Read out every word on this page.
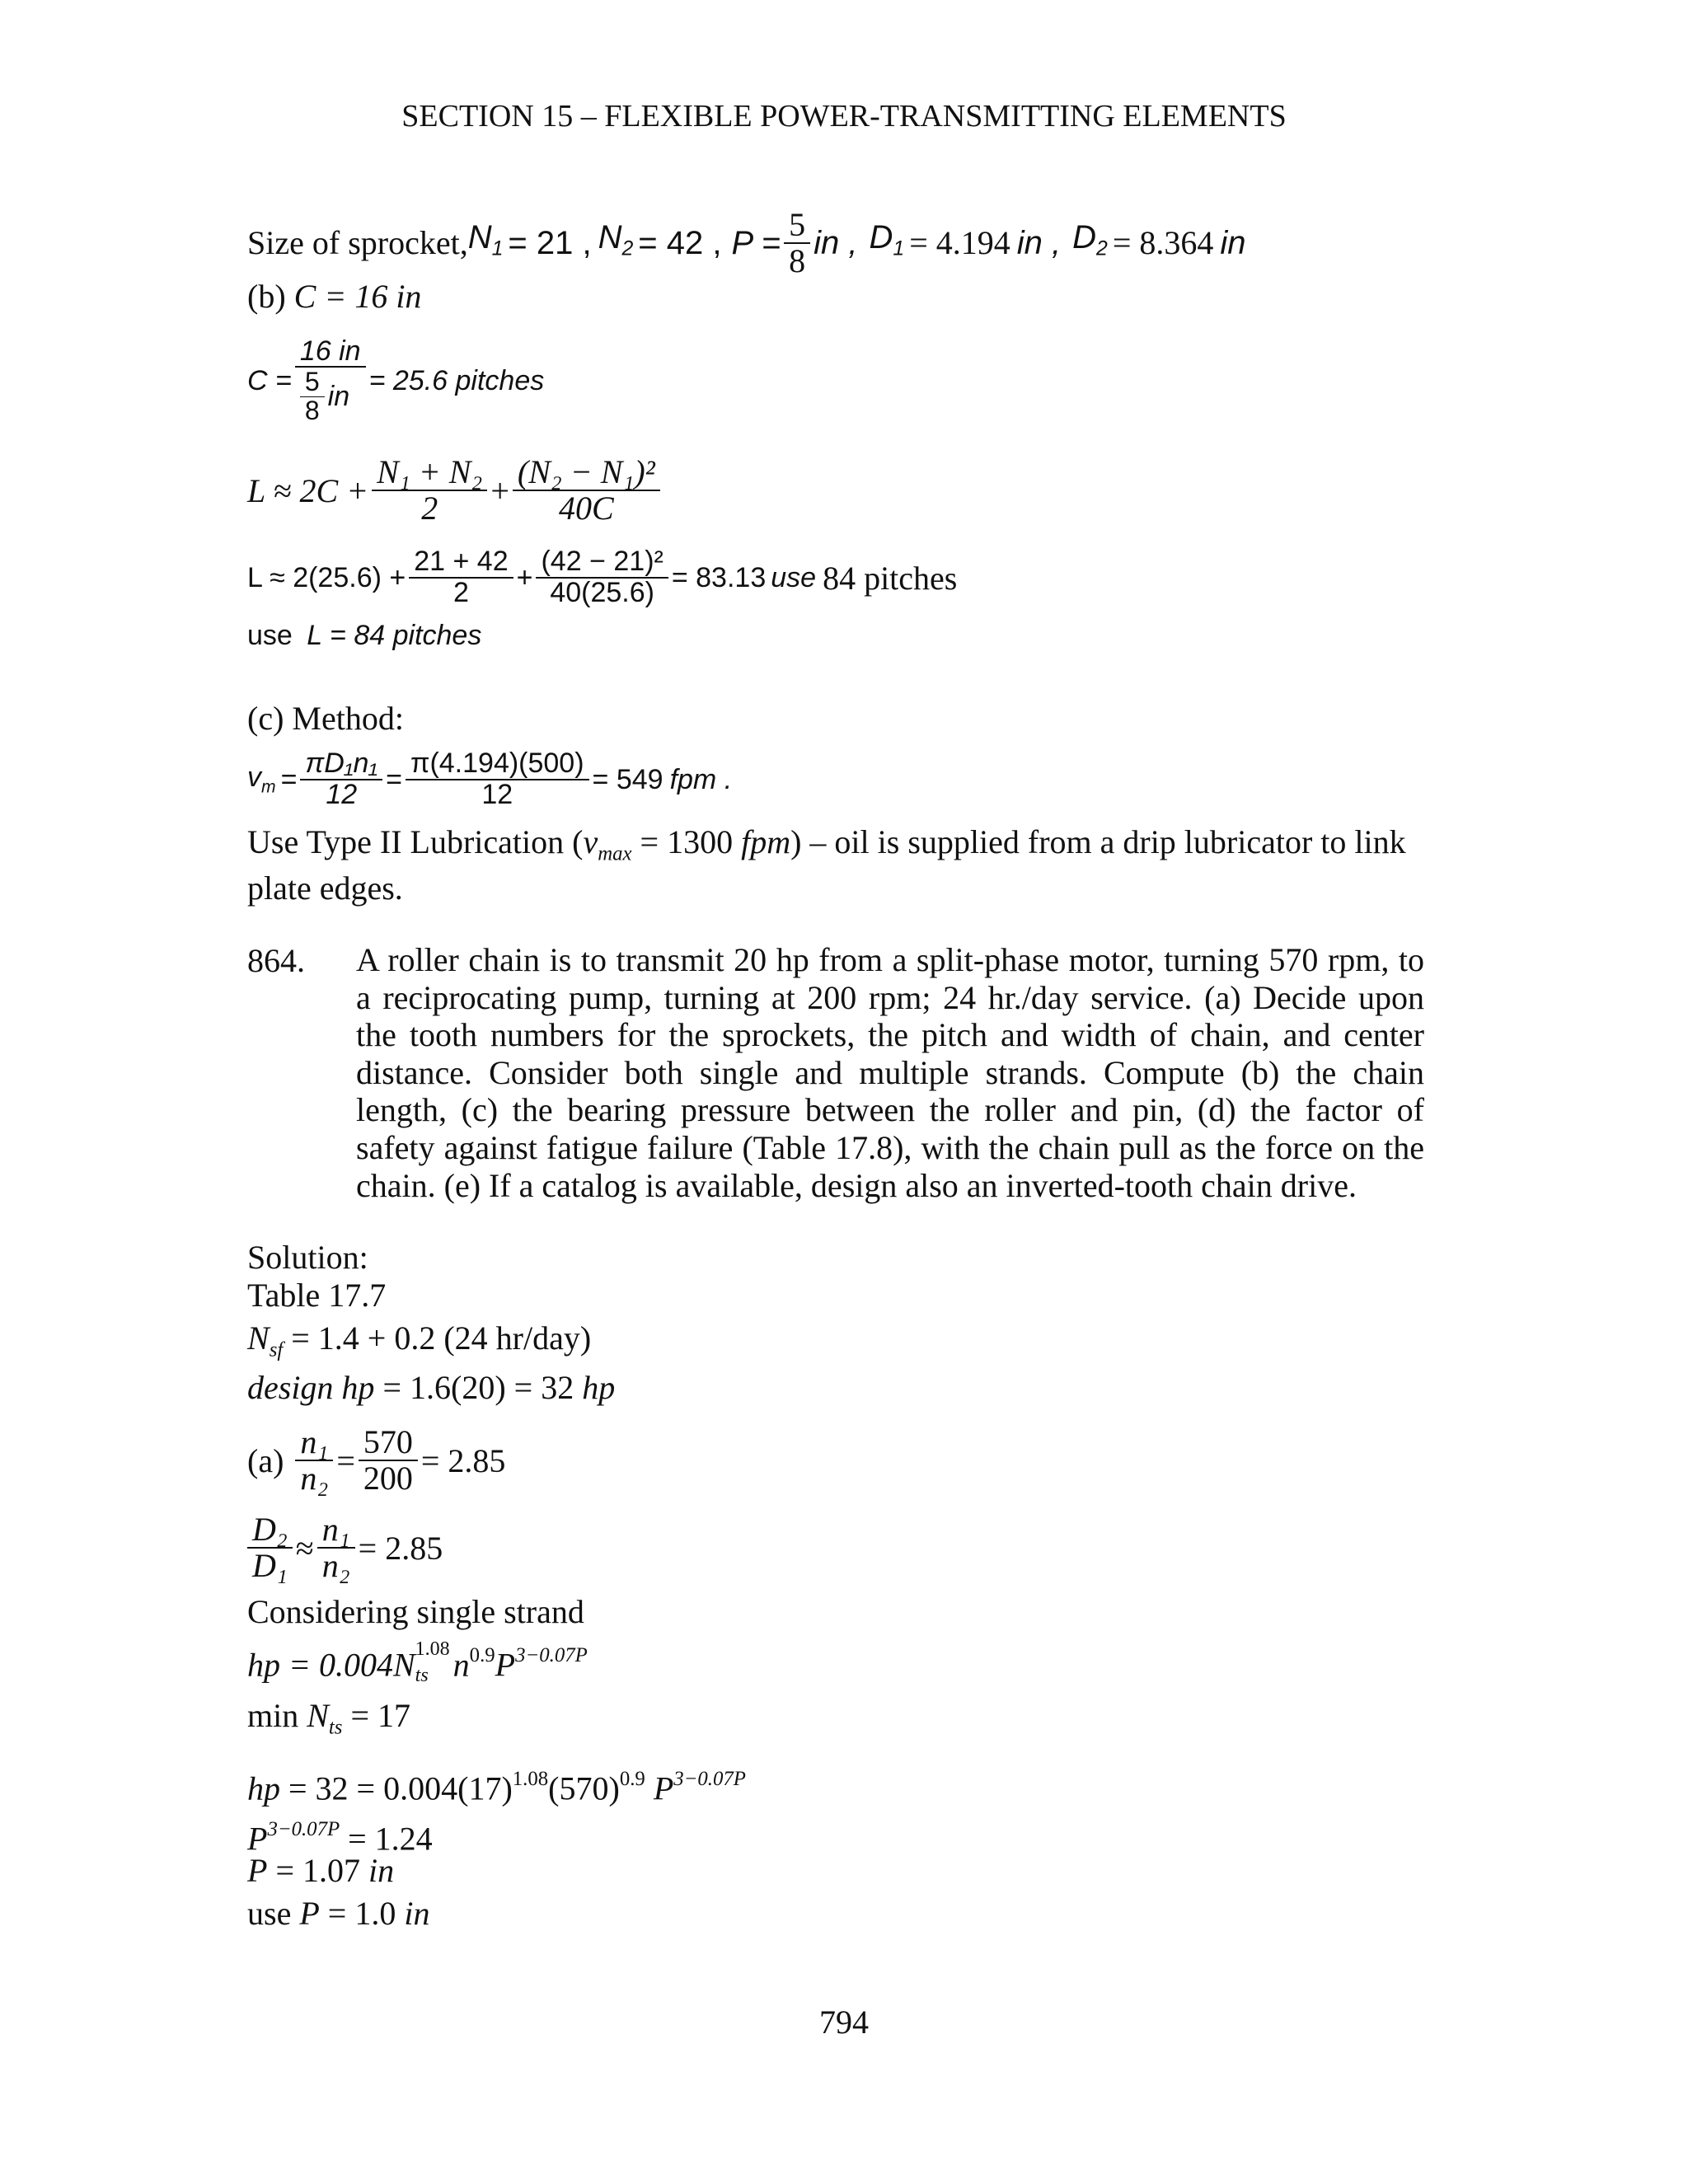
SECTION 15 – FLEXIBLE POWER-TRANSMITTING ELEMENTS
Size of sprocket, $N_1 = 21$ , $N_2 = 42$ , $P = \frac{5}{8}$ in , $D_1 = 4.194$ in , $D_2 = 8.364$ in
(b) C = 16 in
$C = \frac{16 in}{\frac{5}{8} in} = 25.6$ pitches
$L \approx 2C + \frac{\text{N₁ + N₂}}{2} + \frac{\text{(N₂ − N₁)²}}{40C}$
$L \approx 2(25.6) + \frac{21 + 42}{2} + \frac{\text{(42 − 21)²}}{40(25.6)} = 83.13$ use 84 pitches
use L = 84 pitches
(c) Method:
$v_m = \frac{\text{πD₁n₁}}{12} = \frac{\pi(4.194)(500)}{12} = 549$ fpm .
Use Type II Lubrication ($v_{max} = 1300$ fpm) – oil is supplied from a drip lubricator to link
plate edges.
864. A roller chain is to transmit 20 hp from a split-phase motor, turning 570 rpm, to a reciprocating pump, turning at 200 rpm; 24 hr./day service. (a) Decide upon the tooth numbers for the sprockets, the pitch and width of chain, and center distance. Consider both single and multiple strands. Compute (b) the chain length, (c) the bearing pressure between the roller and pin, (d) the factor of safety against fatigue failure (Table 17.8), with the chain pull as the force on the chain. (e) If a catalog is available, design also an inverted-tooth chain drive.
Solution:
Table 17.7
$N_{sf} = 1.4 + 0.2$ (24 hr/day)
design hp = 1.6(20) = 32 hp
$(a) \frac{\text{n₁}}{\text{n₂}} = \frac{570}{200} = 2.85$
$\frac{\text{D₂}}{\text{D₁}} \approx \frac{\text{n₁}}{\text{n₂}} = 2.85$
Considering single strand
hp = 0.004N 1.08
ts $n^{0.9}P^{3-0.07P}$
$\min N_{ts} = 17$
hp = $32 = 0.004(17)^{1.08}(570)^{0.9}$ $P^{3-0.07P}$
$P^{3-0.07P} = 1.24$
P = 1.07 in
use P = 1.0 in
794
